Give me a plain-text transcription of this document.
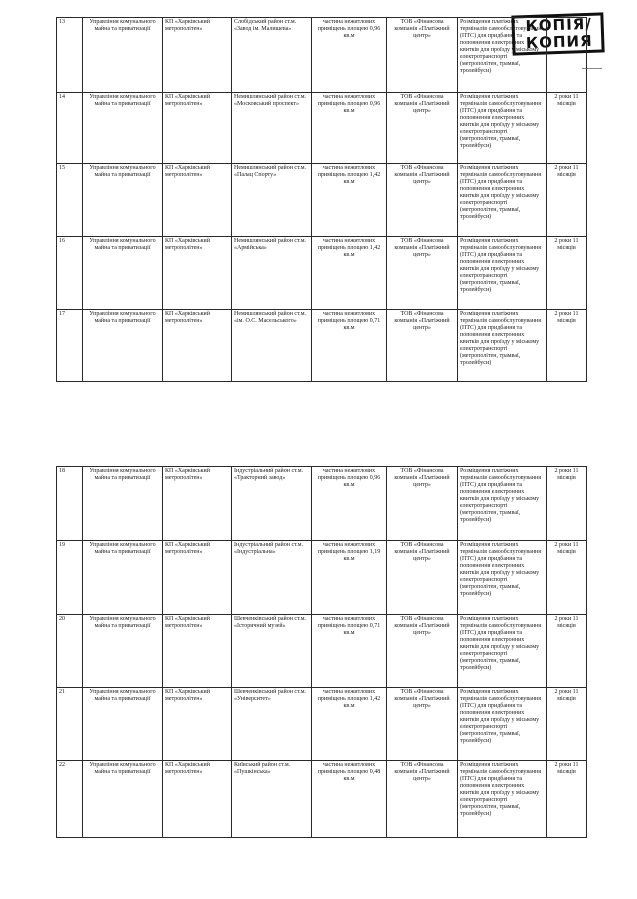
КОПІЯ/
КОПИЯ
13	Управління комунального майна та приватизації	КП «Харківський метрополітен»	Слобідський район ст.м. «Завод ім. Малишева»	частина нежитлових приміщень площею 0,96 кв.м	ТОВ «Фінансова компанія «Платіжний центр»	Розміщення платіжних терміналів самообслуговування (ПТС) для придбання та поповнення електронних квитків для проїзду у міському електротранспорті (метрополітен, трамваї, тролейбуси)	
14	Управління комунального майна та приватизації	КП «Харківський метрополітен»	Немишлянський район ст.м. «Московський проспект»	частина нежитлових приміщень площею 0,96 кв.м	ТОВ «Фінансова компанія «Платіжний центр»	Розміщення платіжних терміналів самообслуговування (ПТС) для придбання та поповнення електронних квитків для проїзду у міському електротранспорті (метрополітен, трамваї, тролейбуси)	2 роки 11 місяців
15	Управління комунального майна та приватизації	КП «Харківський метрополітен»	Немишлянський район ст.м. «Палац Спорту»	частина нежитлових приміщень площею 1,42 кв.м	ТОВ «Фінансова компанія «Платіжний центр»	Розміщення платіжних терміналів самообслуговування (ПТС) для придбання та поповнення електронних квитків для проїзду у міському електротранспорті (метрополітен, трамваї, тролейбуси)	2 роки 11 місяців
16	Управління комунального майна та приватизації	КП «Харківський метрополітен»	Немишлянський район ст.м. «Армійська»	частина нежитлових приміщень площею 1,42 кв.м	ТОВ «Фінансова компанія «Платіжний центр»	Розміщення платіжних терміналів самообслуговування (ПТС) для придбання та поповнення електронних квитків для проїзду у міському електротранспорті (метрополітен, трамваї, тролейбуси)	2 роки 11 місяців
17	Управління комунального майна та приватизації	КП «Харківський метрополітен»	Немишлянський район ст.м. «ім. О.С. Масельського»	частина нежитлових приміщень площею 0,71 кв.м	ТОВ «Фінансова компанія «Платіжний центр»	Розміщення платіжних терміналів самообслуговування (ПТС) для придбання та поповнення електронних квитків для проїзду у міському електротранспорті (метрополітен, трамваї, тролейбуси)	2 роки 11 місяців
18	Управління комунального майна та приватизації	КП «Харківський метрополітен»	Індустріальний район ст.м. «Тракторний завод»	частина нежитлових приміщень площею 0,96 кв.м	ТОВ «Фінансова компанія «Платіжний центр»	Розміщення платіжних терміналів самообслуговування (ПТС) для придбання та поповнення електронних квитків для проїзду у міському електротранспорті (метрополітен, трамваї, тролейбуси)	2 роки 11 місяців
19	Управління комунального майна та приватизації	КП «Харківський метрополітен»	Індустріальний район ст.м. «Індустріальна»	частина нежитлових приміщень площею 1,19 кв.м	ТОВ «Фінансова компанія «Платіжний центр»	Розміщення платіжних терміналів самообслуговування (ПТС) для придбання та поповнення електронних квитків для проїзду у міському електротранспорті (метрополітен, трамваї, тролейбуси)	2 роки 11 місяців
20	Управління комунального майна та приватизації	КП «Харківський метрополітен»	Шевченківський район ст.м. «Історичний музей»	частина нежитлових приміщень площею 0,71 кв.м	ТОВ «Фінансова компанія «Платіжний центр»	Розміщення платіжних терміналів самообслуговування (ПТС) для придбання та поповнення електронних квитків для проїзду у міському електротранспорті (метрополітен, трамваї, тролейбуси)	2 роки 11 місяців
21	Управління комунального майна та приватизації	КП «Харківський метрополітен»	Шевченківський район ст.м. «Університет»	частина нежитлових приміщень площею 1,42 кв.м	ТОВ «Фінансова компанія «Платіжний центр»	Розміщення платіжних терміналів самообслуговування (ПТС) для придбання та поповнення електронних квитків для проїзду у міському електротранспорті (метрополітен, трамваї, тролейбуси)	2 роки 11 місяців
22	Управління комунального майна та приватизації	КП «Харківський метрополітен»	Київський район ст.м. «Пушкінська»	частина нежитлових приміщень площею 0,48 кв.м	ТОВ «Фінансова компанія «Платіжний центр»	Розміщення платіжних терміналів самообслуговування (ПТС) для придбання та поповнення електронних квитків для проїзду у міському електротранспорті (метрополітен, трамваї, тролейбуси)	2 роки 11 місяців
